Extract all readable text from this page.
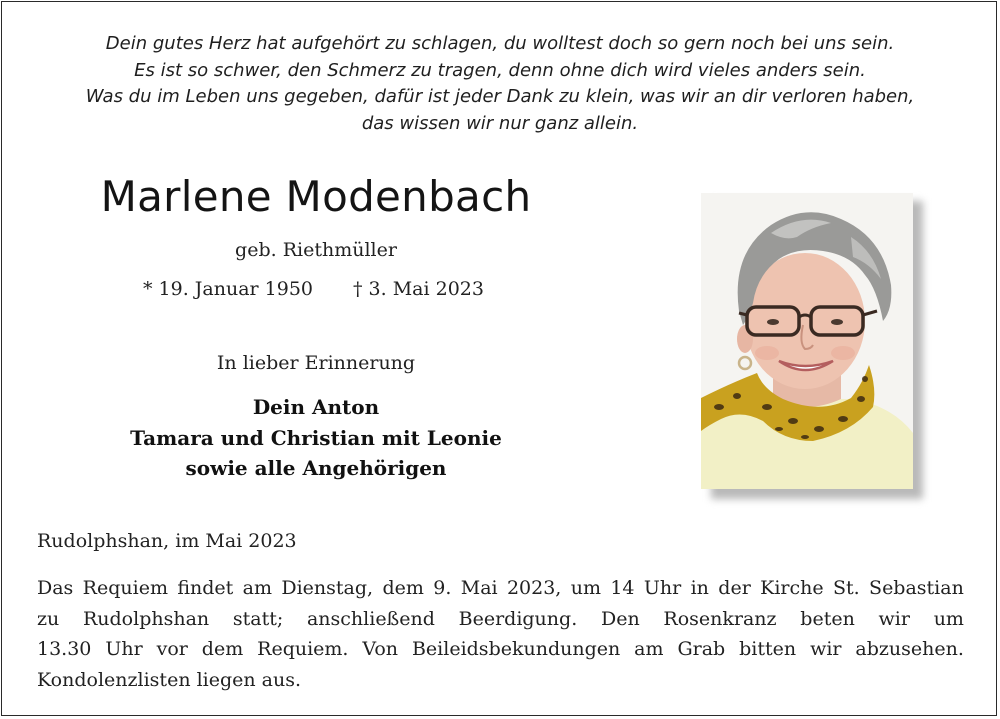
Dein gutes Herz hat aufgehört zu schlagen, du wolltest doch so gern noch bei uns sein.
Es ist so schwer, den Schmerz zu tragen, denn ohne dich wird vieles anders sein.
Was du im Leben uns gegeben, dafür ist jeder Dank zu klein, was wir an dir verloren haben,
das wissen wir nur ganz allein.
Marlene Modenbach
geb. Riethmüller
* 19. Januar 1950 † 3. Mai 2023
In lieber Erinnerung
Dein Anton
Tamara und Christian mit Leonie
sowie alle Angehörigen
Rudolphshan, im Mai 2023
Das Requiem findet am Dienstag, dem 9. Mai 2023, um 14 Uhr in der Kirche St. Sebastian
zu Rudolphshan statt; anschließend Beerdigung. Den Rosenkranz beten wir um
13.30 Uhr vor dem Requiem. Von Beileidsbekundungen am Grab bitten wir abzusehen.
Kondolenzlisten liegen aus.
